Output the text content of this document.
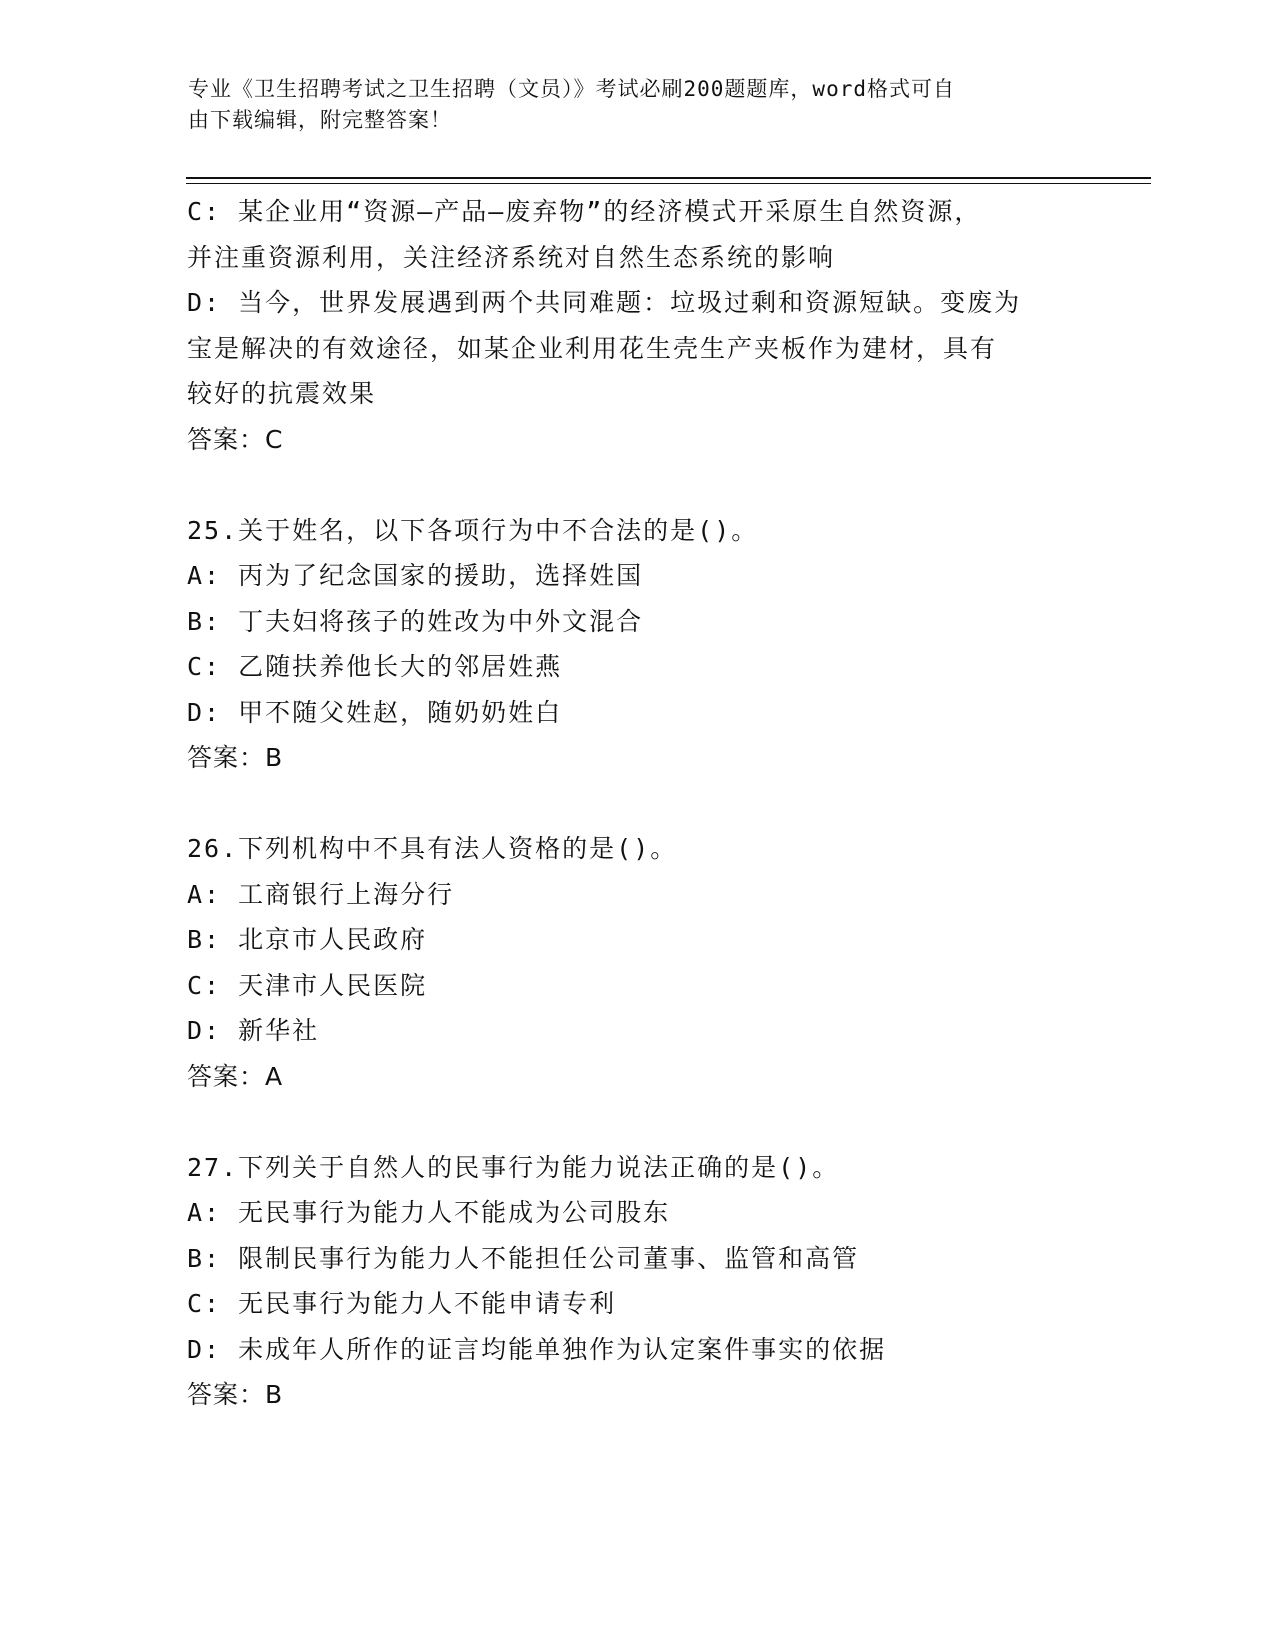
专业《卫生招聘考试之卫生招聘（文员）》考试必刷200题题库，word格式可自
由下载编辑，附完整答案！
C: 某企业用“资源—产品—废弃物”的经济模式开采原生自然资源，
并注重资源利用，关注经济系统对自然生态系统的影响
D: 当今，世界发展遇到两个共同难题：垃圾过剩和资源短缺。变废为
宝是解决的有效途径，如某企业利用花生壳生产夹板作为建材，具有
较好的抗震效果
答案：C
25.关于姓名，以下各项行为中不合法的是()。
A: 丙为了纪念国家的援助，选择姓国
B: 丁夫妇将孩子的姓改为中外文混合
C: 乙随扶养他长大的邻居姓燕
D: 甲不随父姓赵，随奶奶姓白
答案：B
26.下列机构中不具有法人资格的是()。
A: 工商银行上海分行
B: 北京市人民政府
C: 天津市人民医院
D: 新华社
答案：A
27.下列关于自然人的民事行为能力说法正确的是()。
A: 无民事行为能力人不能成为公司股东
B: 限制民事行为能力人不能担任公司董事、监管和高管
C: 无民事行为能力人不能申请专利
D: 未成年人所作的证言均能单独作为认定案件事实的依据
答案：B
